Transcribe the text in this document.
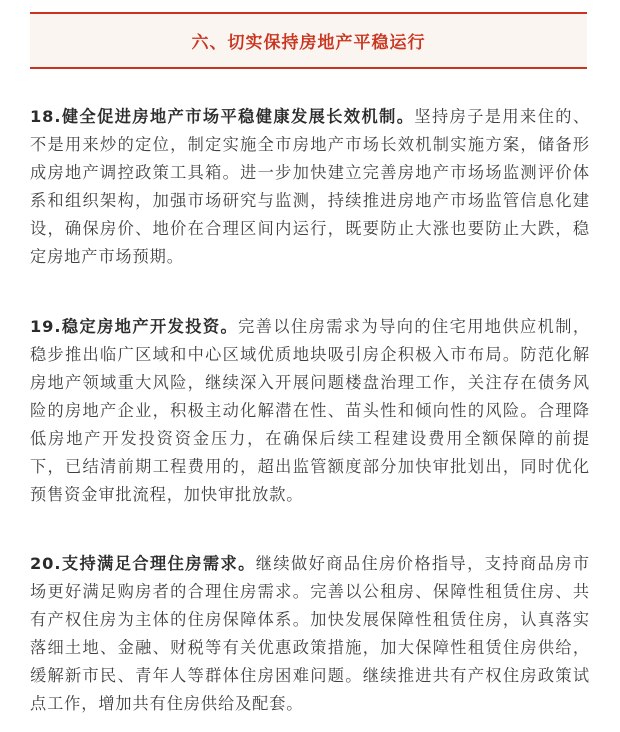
六、切实保持房地产平稳运行

18.健全促进房地产市场平稳健康发展长效机制。坚持房子是用来住的、不是用来炒的定位，制定实施全市房地产市场长效机制实施方案，储备形成房地产调控政策工具箱。进一步加快建立完善房地产市场场监测评价体系和组织架构，加强市场研究与监测，持续推进房地产市场监管信息化建设，确保房价、地价在合理区间内运行，既要防止大涨也要防止大跌，稳定房地产市场预期。

19.稳定房地产开发投资。完善以住房需求为导向的住宅用地供应机制，稳步推出临广区域和中心区域优质地块吸引房企积极入市布局。防范化解房地产领域重大风险，继续深入开展问题楼盘治理工作，关注存在债务风险的房地产企业，积极主动化解潜在性、苗头性和倾向性的风险。合理降低房地产开发投资资金压力，在确保后续工程建设费用全额保障的前提下，已结清前期工程费用的，超出监管额度部分加快审批划出，同时优化预售资金审批流程，加快审批放款。

20.支持满足合理住房需求。继续做好商品住房价格指导，支持商品房市场更好满足购房者的合理住房需求。完善以公租房、保障性租赁住房、共有产权住房为主体的住房保障体系。加快发展保障性租赁住房，认真落实落细土地、金融、财税等有关优惠政策措施，加大保障性租赁住房供给，缓解新市民、青年人等群体住房困难问题。继续推进共有产权住房政策试点工作，增加共有住房供给及配套。
